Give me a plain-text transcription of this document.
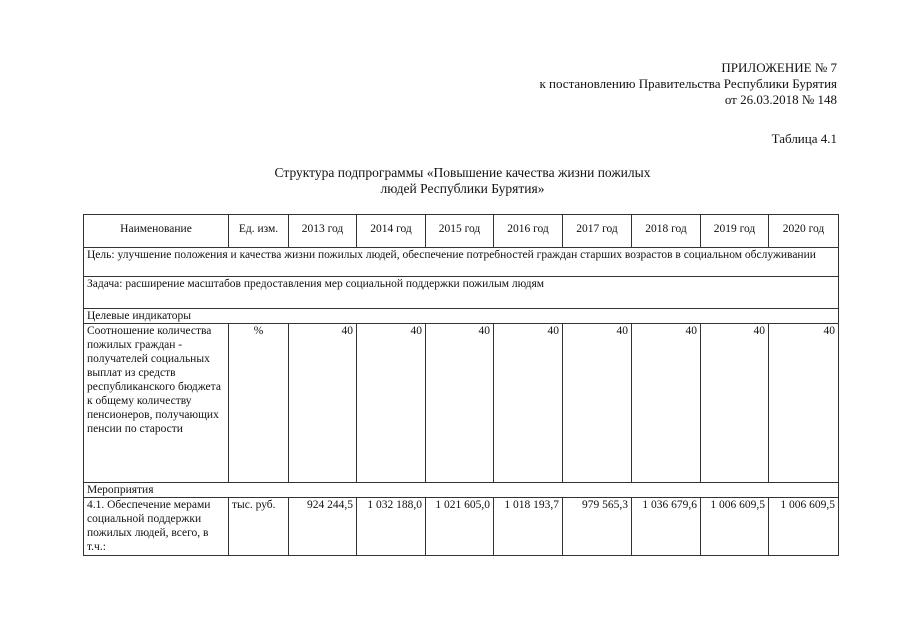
ПРИЛОЖЕНИЕ № 7
к постановлению Правительства Республики Бурятия
от 26.03.2018 № 148
Таблица 4.1
Структура подпрограммы «Повышение качества жизни пожилых
людей Республики Бурятия»
Наименование	Ед. изм.	2013 год	2014 год	2015 год	2016 год	2017 год	2018 год	2019 год	2020 год
Цель: улучшение положения и качества жизни пожилых людей, обеспечение потребностей граждан старших возрастов в социальном обслуживании									
Задача: расширение масштабов предоставления мер социальной поддержки пожилым людям									
Целевые индикаторы									
Соотношение количества пожилых граждан - получателей социальных выплат из средств республиканского бюджета к общему количеству пенсионеров, получающих пенсии по старости	%	40	40	40	40	40	40	40	40
Мероприятия									
4.1. Обеспечение мерами социальной поддержки пожилых людей, всего, в т.ч.:	тыс. руб.	924 244,5	1 032 188,0	1 021 605,0	1 018 193,7	979 565,3	1 036 679,6	1 006 609,5	1 006 609,5
